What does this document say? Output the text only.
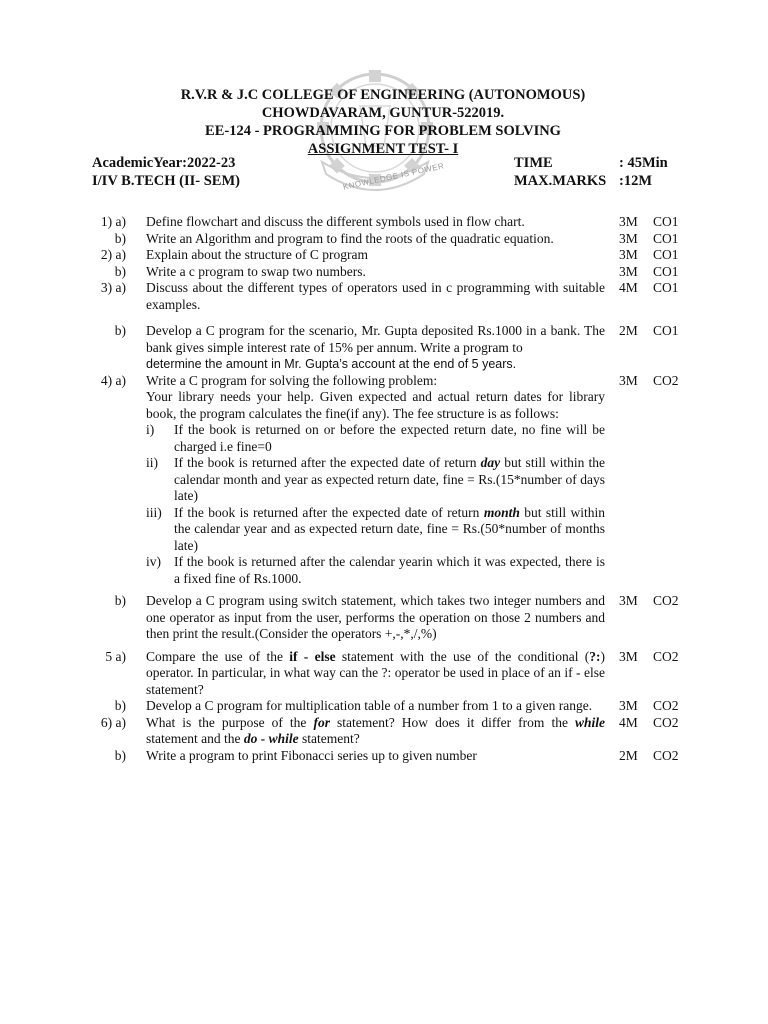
KNOWLEDGE IS POWER
R.V.R & J.C COLLEGE OF ENGINEERING (AUTONOMOUS)
CHOWDAVARAM, GUNTUR-522019.
EE-124 - PROGRAMMING FOR PROBLEM SOLVING
ASSIGNMENT TEST- I
AcademicYear:2022-23
I/IV B.TECH (II- SEM)
TIME	: 45Min
MAX.MARKS :12M
1) a) Define flowchart and discuss the different symbols used in flow chart.	3M CO1
b) Write an Algorithm and program to find the roots of the quadratic equation.	3M CO1
2) a) Explain about the structure of C program	3M CO1
b) Write a c program to swap two numbers.	3M CO1
3) a) Discuss about the different types of operators used in c programming with suitable examples.
4M CO1
b) Develop a C program for the scenario, Mr. Gupta deposited Rs.1000 in a bank. The bank gives simple interest rate of 15% per annum. Write a program to
determine the amount in Mr. Gupta’s account at the end of 5 years.
2M CO1
4) a) Write a C program for solving the following problem:
Your library needs your help. Given expected and actual return dates for library book, the program calculates the fine(if any). The fee structure is as follows:
i)	If the book is returned on or before the expected return date, no fine will be charged i.e fine=0
ii)	If the book is returned after the expected date of return day but still within the calendar month and year as expected return date, fine = Rs.(15*number of days late)
iii) If the book is returned after the expected date of return month but still within the calendar year and as expected return date, fine = Rs.(50*number of months late)
iv) If the book is returned after the calendar yearin which it was expected, there is a fixed fine of Rs.1000.
3M CO2
b) Develop a C program using switch statement, which takes two integer numbers and one operator as input from the user, performs the operation on those 2 numbers and then print the result.(Consider the operators +,-,*,/,%)
3M CO2
5 a) Compare the use of the if - else statement with the use of the conditional (?:) operator. In particular, in what way can the ?: operator be used in place of an if - else statement?
3M CO2
b) Develop a C program for multiplication table of a number from 1 to a given range.	3M CO2
6) a) What is the purpose of the for statement? How does it differ from the while statement and the do - while statement?
4M CO2
b) Write a program to print Fibonacci series up to given number	2M CO2
